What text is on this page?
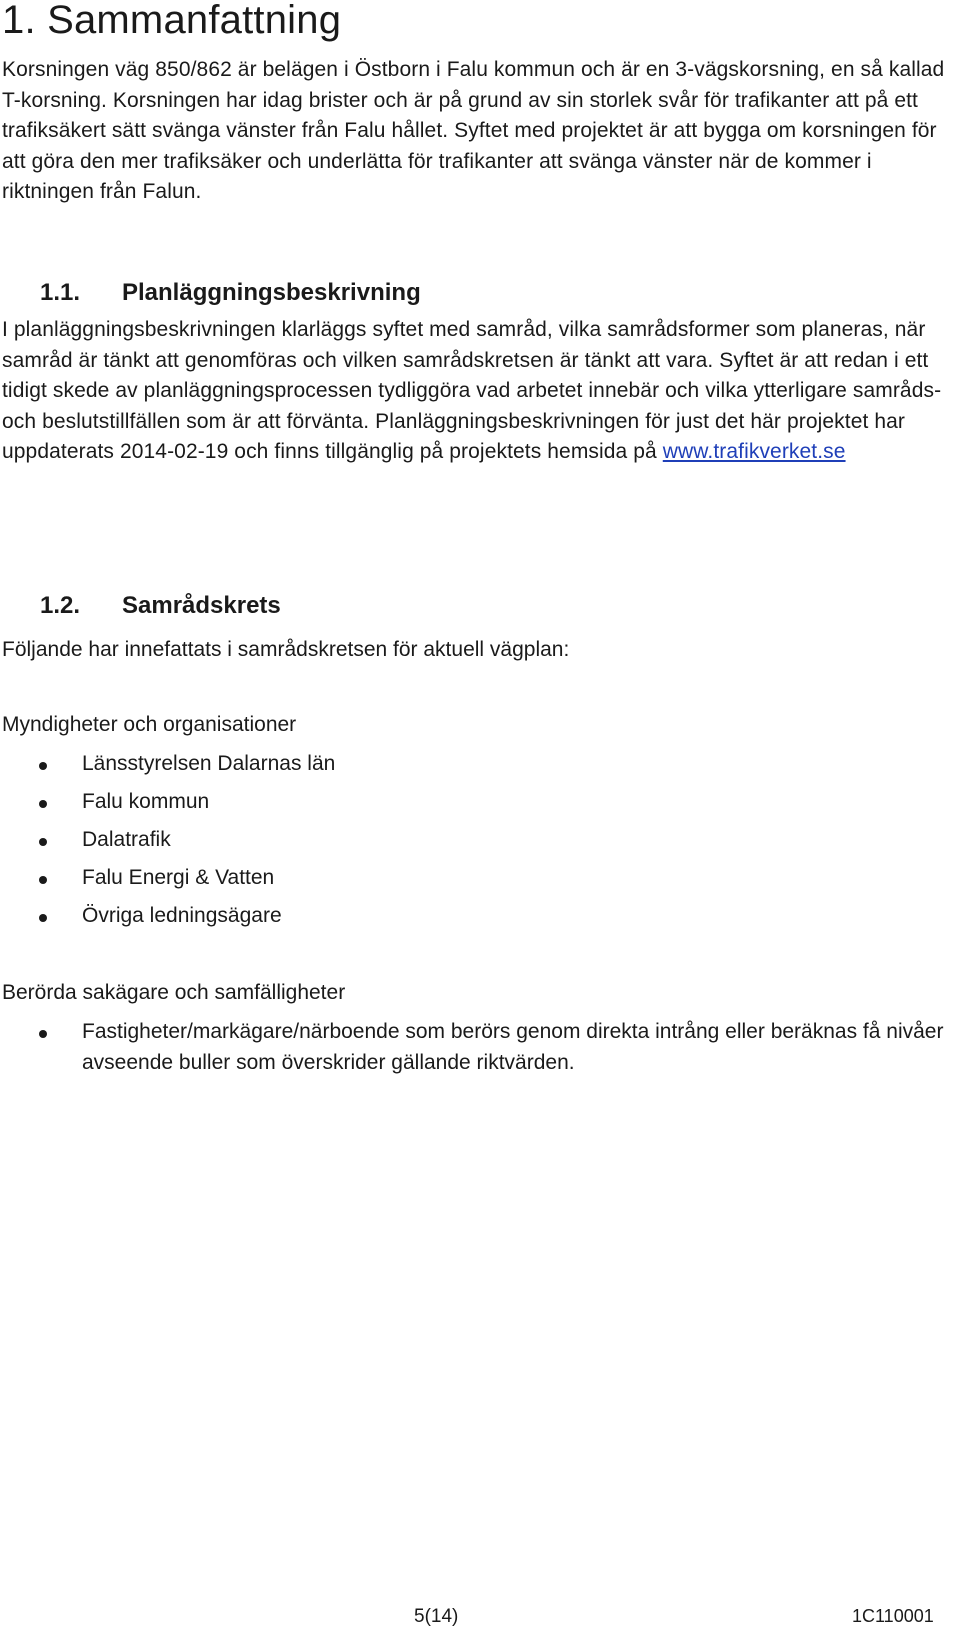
1. Sammanfattning

Korsningen väg 850/862 är belägen i Östborn i Falu kommun och är en 3-vägskorsning, en så kallad T-korsning. Korsningen har idag brister och är på grund av sin storlek svår för trafikanter att på ett trafiksäkert sätt svänga vänster från Falu hållet. Syftet med projektet är att bygga om korsningen för att göra den mer trafiksäker och underlätta för trafikanter att svänga vänster när de kommer i riktningen från Falun.

1.1. Planläggningsbeskrivning

I planläggningsbeskrivningen klarläggs syftet med samråd, vilka samrådsformer som planeras, när samråd är tänkt att genomföras och vilken samrådskretsen är tänkt att vara. Syftet är att redan i ett tidigt skede av planläggningsprocessen tydliggöra vad arbetet innebär och vilka ytterligare samråds- och beslutstillfällen som är att förvänta. Planläggningsbeskrivningen för just det här projektet har uppdaterats 2014-02-19 och finns tillgänglig på projektets hemsida på www.trafikverket.se

1.2. Samrådskrets

Följande har innefattats i samrådskretsen för aktuell vägplan:

Myndigheter och organisationer

Länsstyrelsen Dalarnas län
Falu kommun
Dalatrafik
Falu Energi & Vatten
Övriga ledningsägare

Berörda sakägare och samfälligheter

Fastigheter/markägare/närboende som berörs genom direkta intrång eller beräknas få nivåer avseende buller som överskrider gällande riktvärden.
5(14)	1C110001
